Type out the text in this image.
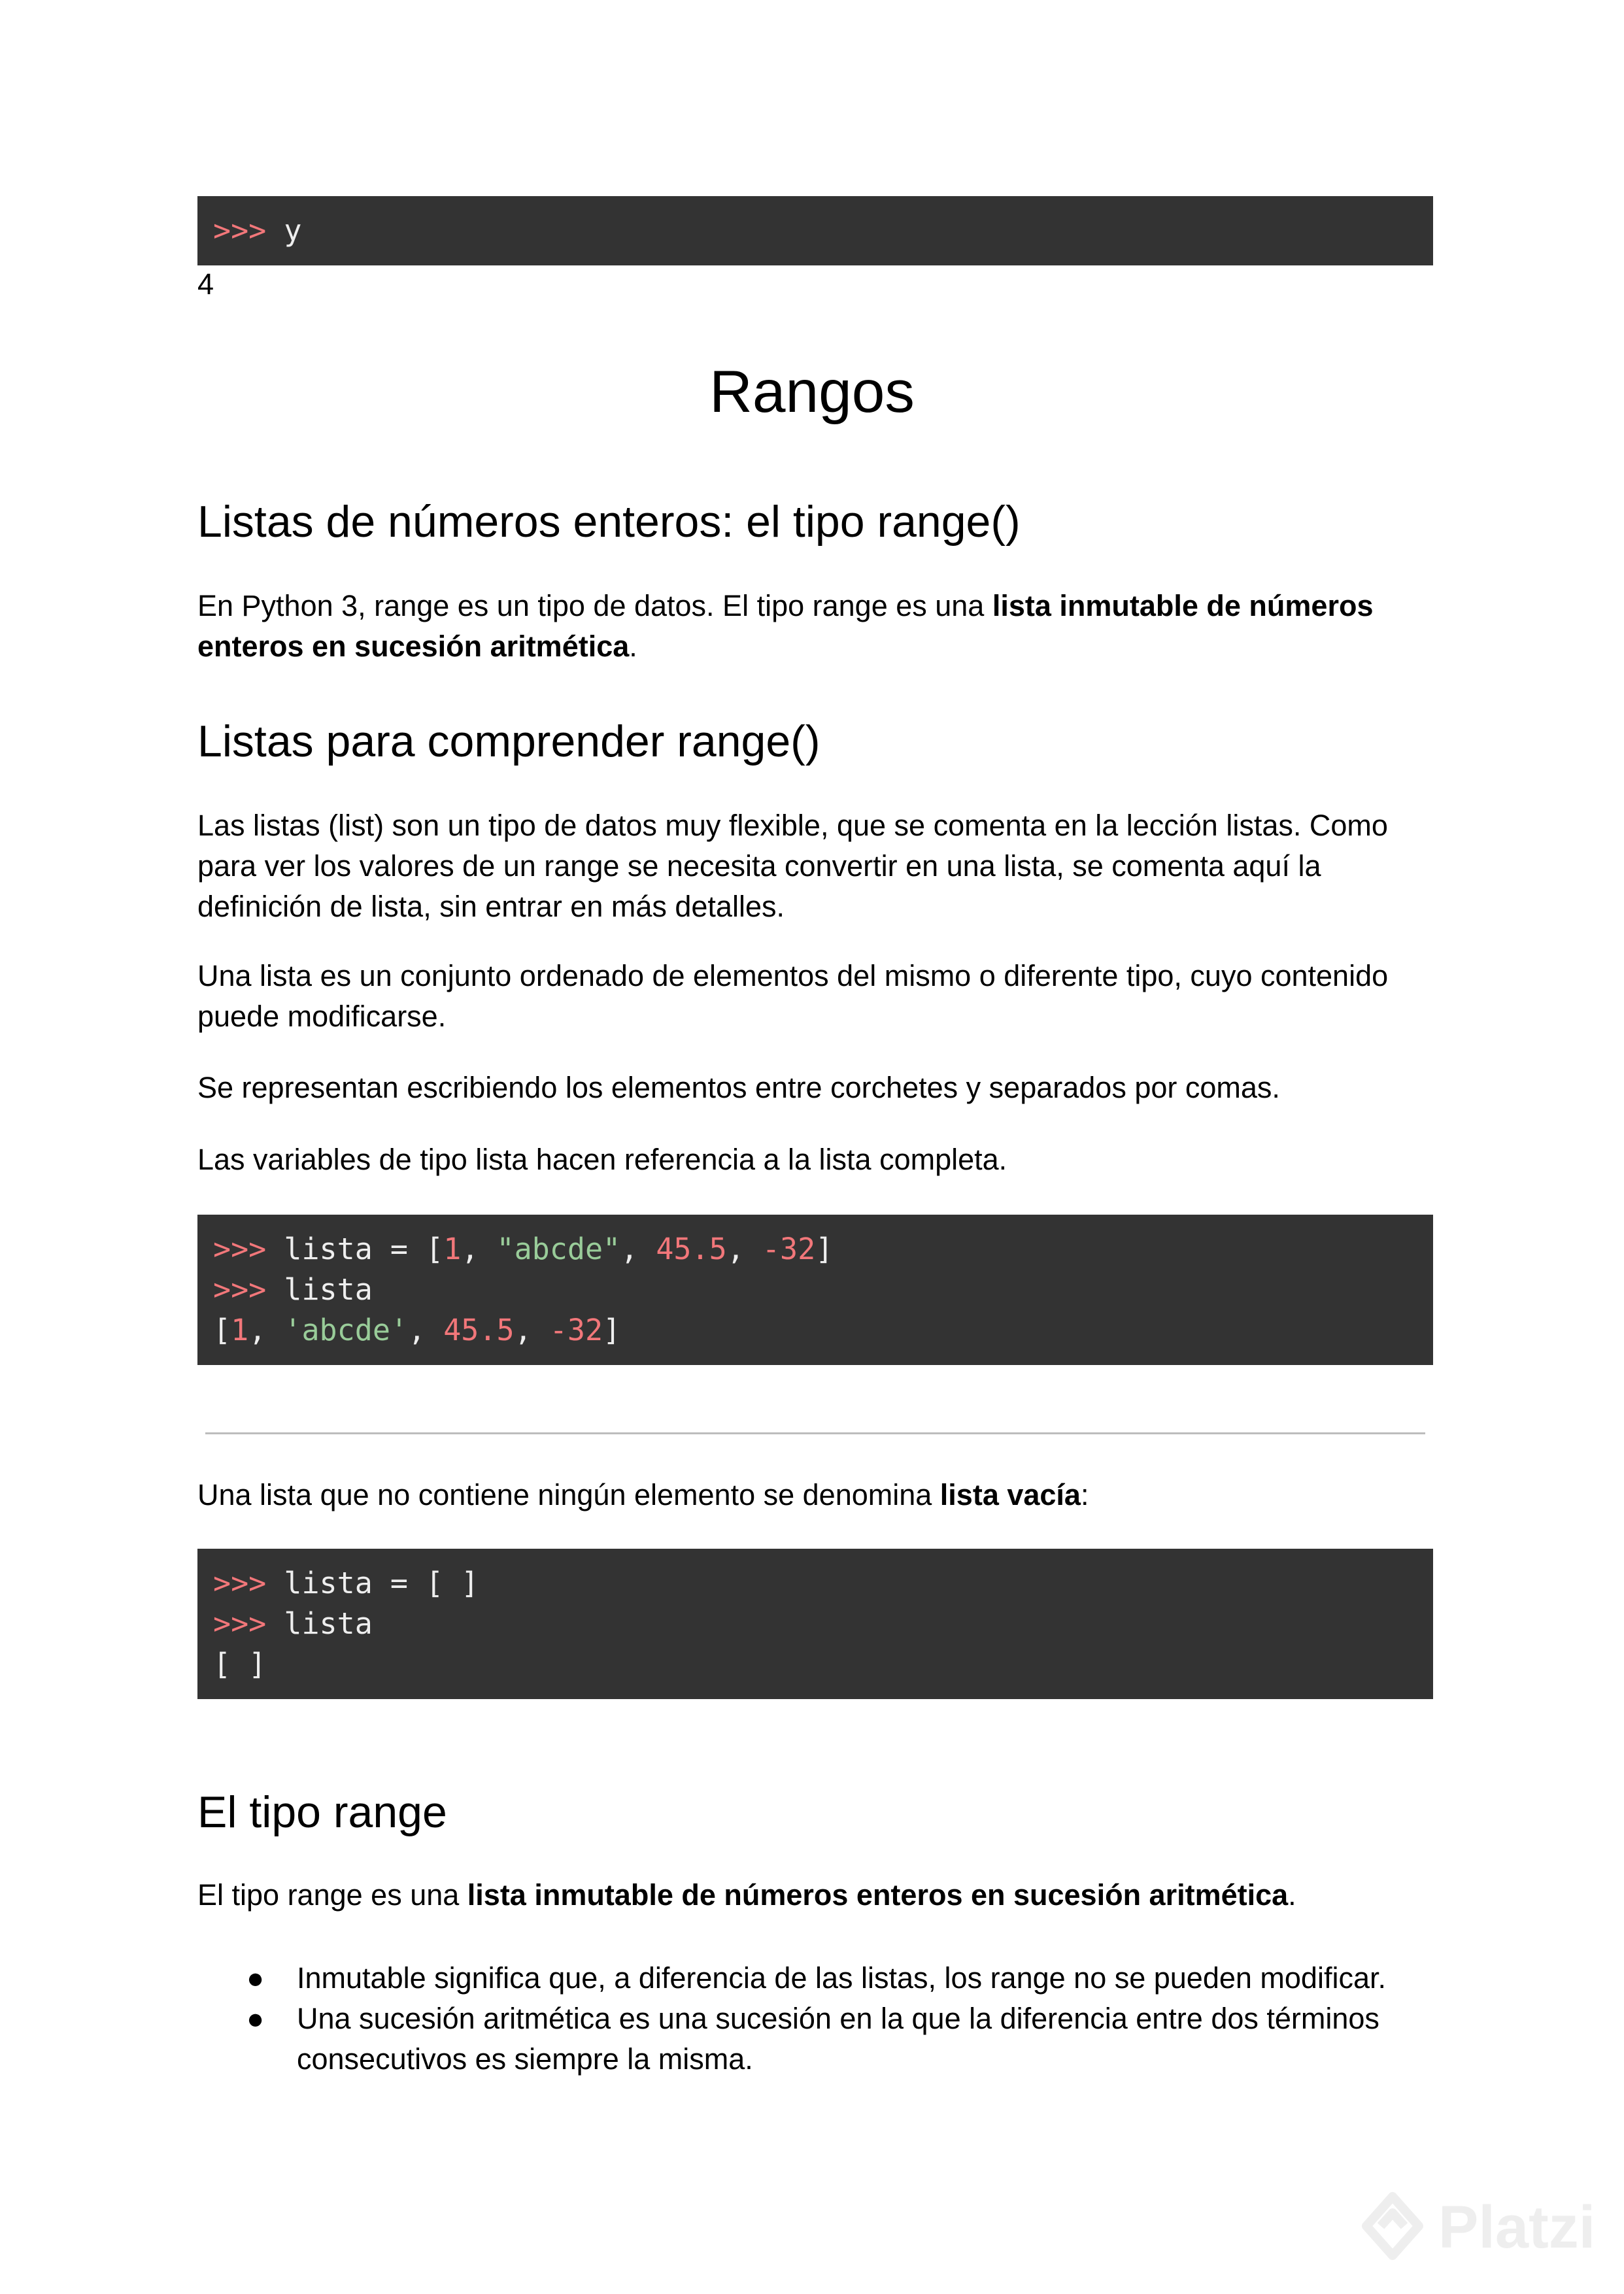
>>> y
4
Rangos
Listas de números enteros: el tipo range()

En Python 3, range es un tipo de datos. El tipo range es una lista inmutable de números enteros en sucesión aritmética.

Listas para comprender range()

Las listas (list) son un tipo de datos muy flexible, que se comenta en la lección listas. Como para ver los valores de un range se necesita convertir en una lista, se comenta aquí la definición de lista, sin entrar en más detalles.

Una lista es un conjunto ordenado de elementos del mismo o diferente tipo, cuyo contenido puede modificarse.

Se representan escribiendo los elementos entre corchetes y separados por comas.

Las variables de tipo lista hacen referencia a la lista completa.

>>> lista = [1, "abcde", 45.5, -32]
>>> lista
[1, 'abcde', 45.5, -32]

Una lista que no contiene ningún elemento se denomina lista vacía:

>>> lista = [ ]
>>> lista
[ ]
El tipo range

El tipo range es una lista inmutable de números enteros en sucesión aritmética.

● Inmutable significa que, a diferencia de las listas, los range no se pueden modificar.
● Una sucesión aritmética es una sucesión en la que la diferencia entre dos términos consecutivos es siempre la misma.
Platzi
